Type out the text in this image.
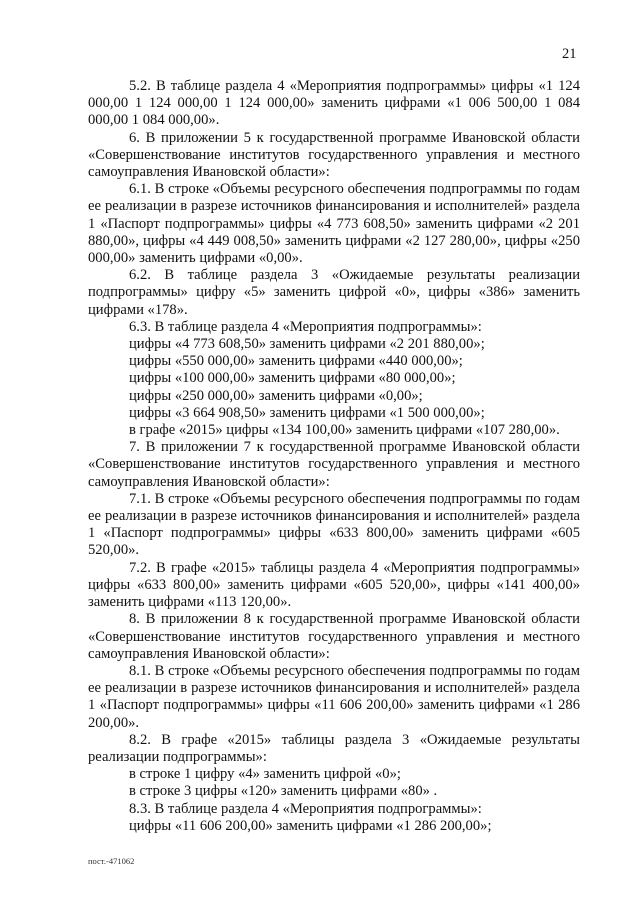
21

5.2. В таблице раздела 4 «Мероприятия подпрограммы» цифры «1 124 000,00 1 124 000,00 1 124 000,00» заменить цифрами «1 006 500,00 1 084 000,00 1 084 000,00».

6. В приложении 5 к государственной программе Ивановской области «Совершенствование институтов государственного управления и местного самоуправления Ивановской области»:

6.1. В строке «Объемы ресурсного обеспечения подпрограммы по годам ее реализации в разрезе источников финансирования и исполнителей» раздела 1 «Паспорт подпрограммы» цифры «4 773 608,50» заменить цифрами «2 201 880,00», цифры «4 449 008,50» заменить цифрами «2 127 280,00», цифры «250 000,00» заменить цифрами «0,00».

6.2. В таблице раздела 3 «Ожидаемые результаты реализации подпрограммы» цифру «5» заменить цифрой «0», цифры «386» заменить цифрами «178».

6.3. В таблице раздела 4 «Мероприятия подпрограммы»:

цифры «4 773 608,50» заменить цифрами «2 201 880,00»;

цифры «550 000,00» заменить цифрами «440 000,00»;

цифры «100 000,00» заменить цифрами «80 000,00»;

цифры «250 000,00» заменить цифрами «0,00»;

цифры «3 664 908,50» заменить цифрами «1 500 000,00»;

в графе «2015» цифры «134 100,00» заменить цифрами «107 280,00».

7. В приложении 7 к государственной программе Ивановской области «Совершенствование институтов государственного управления и местного самоуправления Ивановской области»:

7.1. В строке «Объемы ресурсного обеспечения подпрограммы по годам ее реализации в разрезе источников финансирования и исполнителей» раздела 1 «Паспорт подпрограммы» цифры «633 800,00» заменить цифрами «605 520,00».

7.2. В графе «2015» таблицы раздела 4 «Мероприятия подпрограммы» цифры «633 800,00» заменить цифрами «605 520,00», цифры «141 400,00» заменить цифрами «113 120,00».

8. В приложении 8 к государственной программе Ивановской области «Совершенствование институтов государственного управления и местного самоуправления Ивановской области»:

8.1. В строке «Объемы ресурсного обеспечения подпрограммы по годам ее реализации в разрезе источников финансирования и исполнителей» раздела 1 «Паспорт подпрограммы» цифры «11 606 200,00» заменить цифрами «1 286 200,00».

8.2. В графе «2015» таблицы раздела 3 «Ожидаемые результаты реализации подпрограммы»:

в строке 1 цифру «4» заменить цифрой «0»;

в строке 3 цифры «120» заменить цифрами «80» .

8.3. В таблице раздела 4 «Мероприятия подпрограммы»:

цифры «11 606 200,00» заменить цифрами «1 286 200,00»;

пост.-471062
